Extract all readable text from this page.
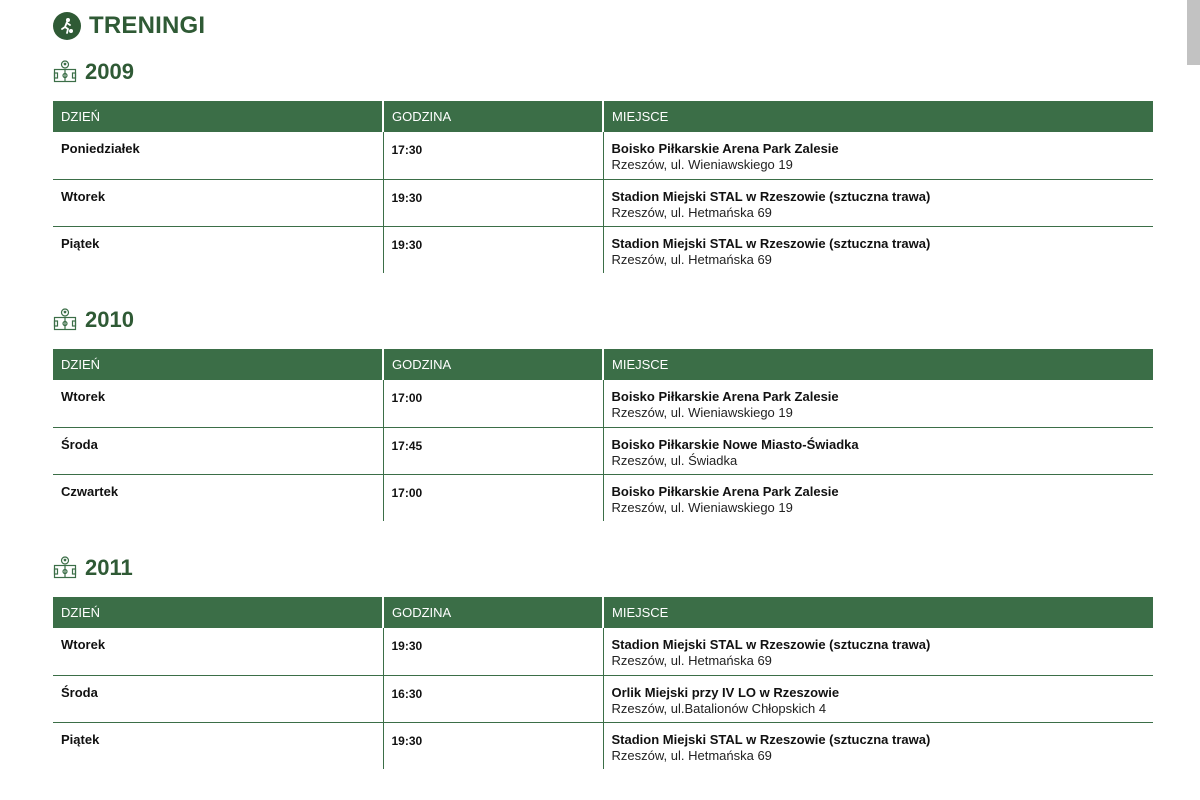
TRENINGI
2009
DZIEŃ	GODZINA	MIEJSCE
Poniedziałek	17:30	Boisko Piłkarskie Arena Park Zalesie
Rzeszów, ul. Wieniawskiego 19

Wtorek	19:30	Stadion Miejski STAL w Rzeszowie (sztuczna trawa)
Rzeszów, ul. Hetmańska 69

Piątek	19:30	Stadion Miejski STAL w Rzeszowie (sztuczna trawa)
Rzeszów, ul. Hetmańska 69
2010
DZIEŃ	GODZINA	MIEJSCE
Wtorek	17:00	Boisko Piłkarskie Arena Park Zalesie
Rzeszów, ul. Wieniawskiego 19

Środa	17:45	Boisko Piłkarskie Nowe Miasto-Świadka
Rzeszów, ul. Świadka

Czwartek	17:00	Boisko Piłkarskie Arena Park Zalesie
Rzeszów, ul. Wieniawskiego 19
2011
DZIEŃ	GODZINA	MIEJSCE
Wtorek	19:30	Stadion Miejski STAL w Rzeszowie (sztuczna trawa)
Rzeszów, ul. Hetmańska 69

Środa	16:30	Orlik Miejski przy IV LO w Rzeszowie
Rzeszów, ul.Batalionów Chłopskich 4

Piątek	19:30	Stadion Miejski STAL w Rzeszowie (sztuczna trawa)
Rzeszów, ul. Hetmańska 69
